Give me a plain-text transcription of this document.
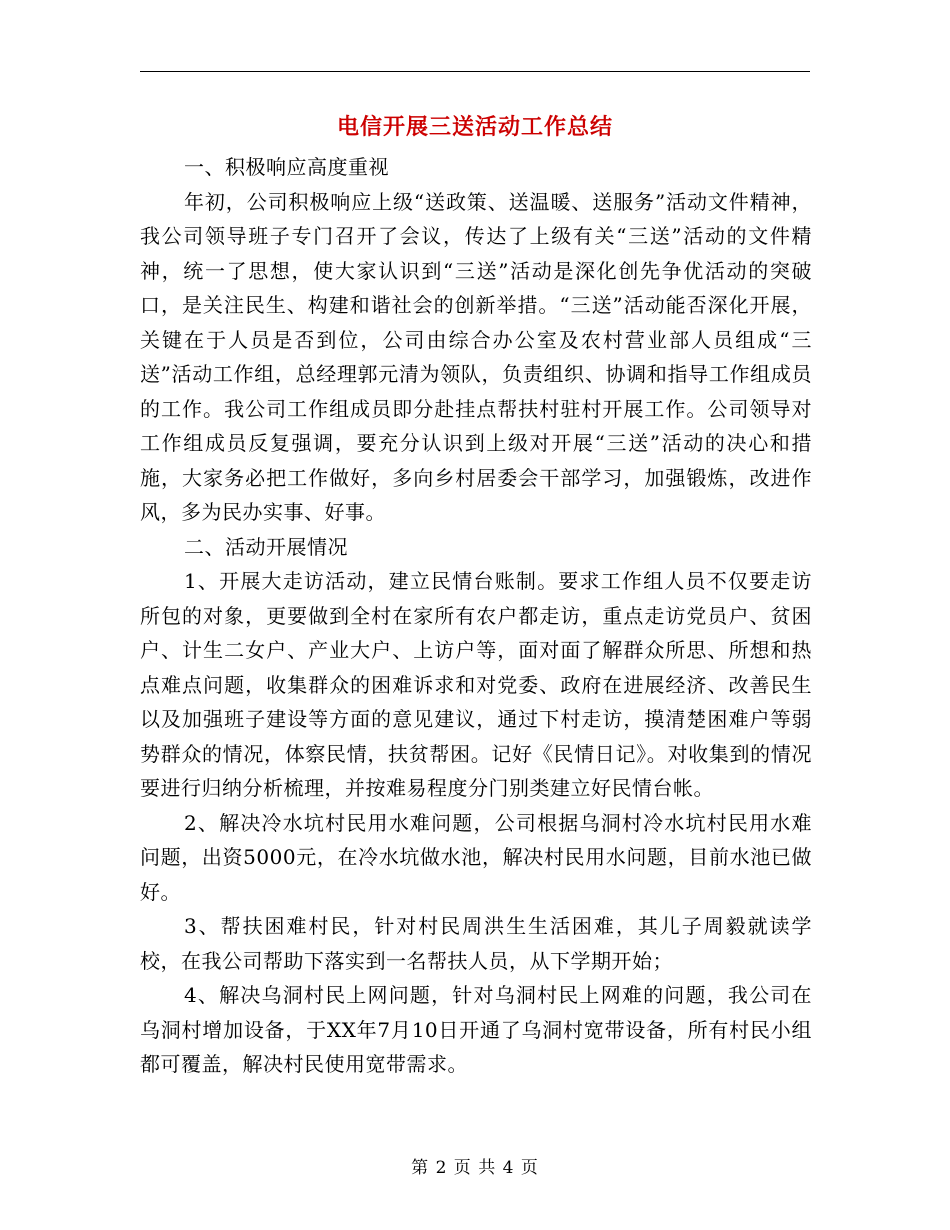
电信开展三送活动工作总结

一、积极响应高度重视

年初，公司积极响应上级“送政策、送温暖、送服务”活动文件精神，我公司领导班子专门召开了会议，传达了上级有关“三送”活动的文件精神，统一了思想，使大家认识到“三送”活动是深化创先争优活动的突破口，是关注民生、构建和谐社会的创新举措。“三送”活动能否深化开展，关键在于人员是否到位，公司由综合办公室及农村营业部人员组成“三送”活动工作组，总经理郭元清为领队，负责组织、协调和指导工作组成员的工作。我公司工作组成员即分赴挂点帮扶村驻村开展工作。公司领导对工作组成员反复强调，要充分认识到上级对开展“三送”活动的决心和措施，大家务必把工作做好，多向乡村居委会干部学习，加强锻炼，改进作风，多为民办实事、好事。

二、活动开展情况

1、开展大走访活动，建立民情台账制。要求工作组人员不仅要走访所包的对象，更要做到全村在家所有农户都走访，重点走访党员户、贫困户、计生二女户、产业大户、上访户等，面对面了解群众所思、所想和热点难点问题，收集群众的困难诉求和对党委、政府在进展经济、改善民生以及加强班子建设等方面的意见建议，通过下村走访，摸清楚困难户等弱势群众的情况，体察民情，扶贫帮困。记好《民情日记》。对收集到的情况要进行归纳分析梳理，并按难易程度分门别类建立好民情台帐。

2、解决冷水坑村民用水难问题，公司根据乌洞村冷水坑村民用水难问题，出资5000元，在冷水坑做水池，解决村民用水问题，目前水池已做好。

3、帮扶困难村民，针对村民周洪生生活困难，其儿子周毅就读学校，在我公司帮助下落实到一名帮扶人员，从下学期开始；

4、解决乌洞村民上网问题，针对乌洞村民上网难的问题，我公司在乌洞村增加设备，于XX年7月10日开通了乌洞村宽带设备，所有村民小组都可覆盖，解决村民使用宽带需求。

第 2 页 共 4 页
